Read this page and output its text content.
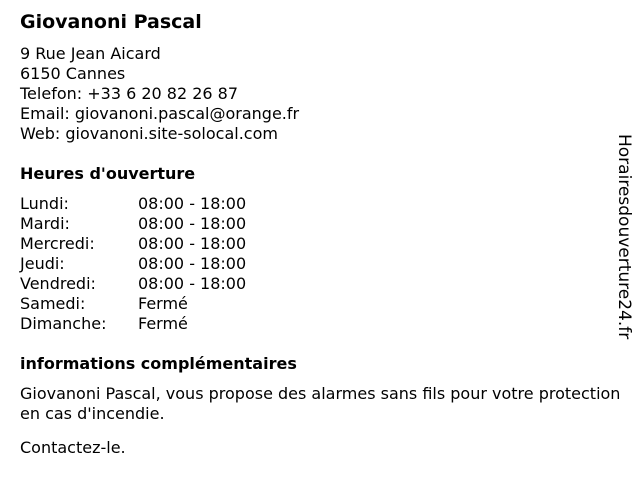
Giovanoni Pascal
9 Rue Jean Aicard
6150 Cannes
Telefon: +33 6 20 82 26 87
Email: giovanoni.pascal@orange.fr
Web: giovanoni.site-solocal.com
Heures d'ouverture
Lundi:	08:00 - 18:00
Mardi:	08:00 - 18:00
Mercredi:	08:00 - 18:00
Jeudi:	08:00 - 18:00
Vendredi:	08:00 - 18:00
Samedi:	Fermé
Dimanche: Fermé
informations complémentaires
Giovanoni Pascal, vous propose des alarmes sans fils pour votre protection en cas d'incendie.
Contactez-le.
Horairesdouverture24.fr
